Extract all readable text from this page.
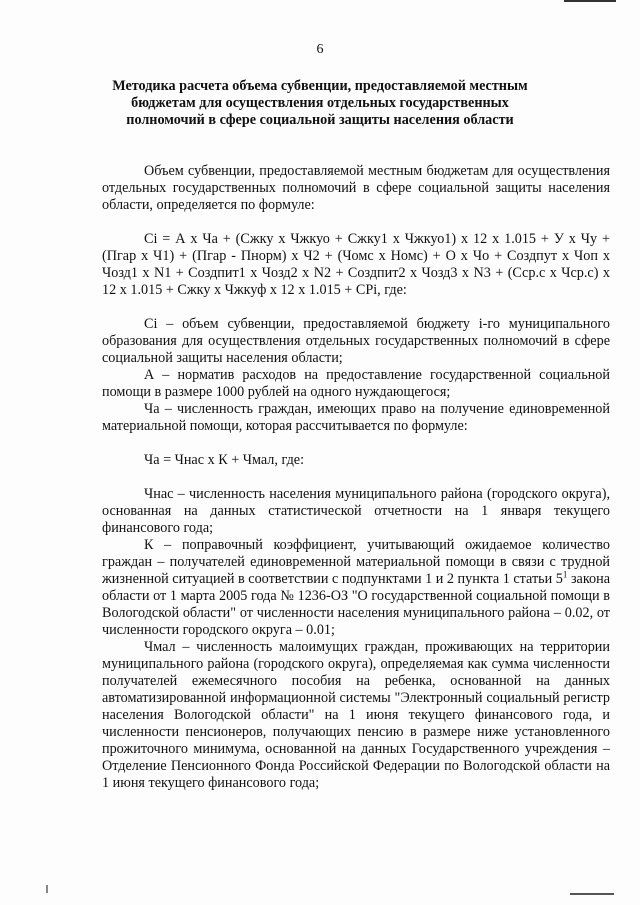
6
Методика расчета объема субвенции, предоставляемой местным бюджетам для осуществления отдельных государственных полномочий в сфере социальной защиты населения области

Объем субвенции, предоставляемой местным бюджетам для осуществления отдельных государственных полномочий в сфере социальной защиты населения области, определяется по формуле:

Ci = А х Ча + (Сжку х Чжкуо + Сжку1 х Чжкуо1) х 12 х 1.015 + У х Чу + (Пгар х Ч1) + (Пгар - Пнорм) х Ч2 + (Чомс х Номс) + О х Чо + Создпут х Чоп х Чозд1 х N1 + Создпит1 х Чозд2 х N2 + Создпит2 х Чозд3 х N3 + (Сср.с х Чср.с) х 12 х 1.015 + Сжку х Чжкуф х 12 х 1.015 + СPi, где:

Ci – объем субвенции, предоставляемой бюджету i-го муниципального образования для осуществления отдельных государственных полномочий в сфере социальной защиты населения области;

А – норматив расходов на предоставление государственной социальной помощи в размере 1000 рублей на одного нуждающегося;

Ча – численность граждан, имеющих право на получение единовременной материальной помощи, которая рассчитывается по формуле:

Ча = Чнас х К + Чмал, где:

Чнас – численность населения муниципального района (городского округа), основанная на данных статистической отчетности на 1 января текущего финансового года;

К – поправочный коэффициент, учитывающий ожидаемое количество граждан – получателей единовременной материальной помощи в связи с трудной жизненной ситуацией в соответствии с подпунктами 1 и 2 пункта 1 статьи $5^1$ закона области от 1 марта 2005 года № 1236-ОЗ "О государственной социальной помощи в Вологодской области" от численности населения муниципального района – 0.02, от численности городского округа – 0.01;

Чмал – численность малоимущих граждан, проживающих на территории муниципального района (городского округа), определяемая как сумма численности получателей ежемесячного пособия на ребенка, основанной на данных автоматизированной информационной системы "Электронный социальный регистр населения Вологодской области" на 1 июня текущего финансового года, и численности пенсионеров, получающих пенсию в размере ниже установленного прожиточного минимума, основанной на данных Государственного учреждения – Отделение Пенсионного Фонда Российской Федерации по Вологодской области на 1 июня текущего финансового года;
